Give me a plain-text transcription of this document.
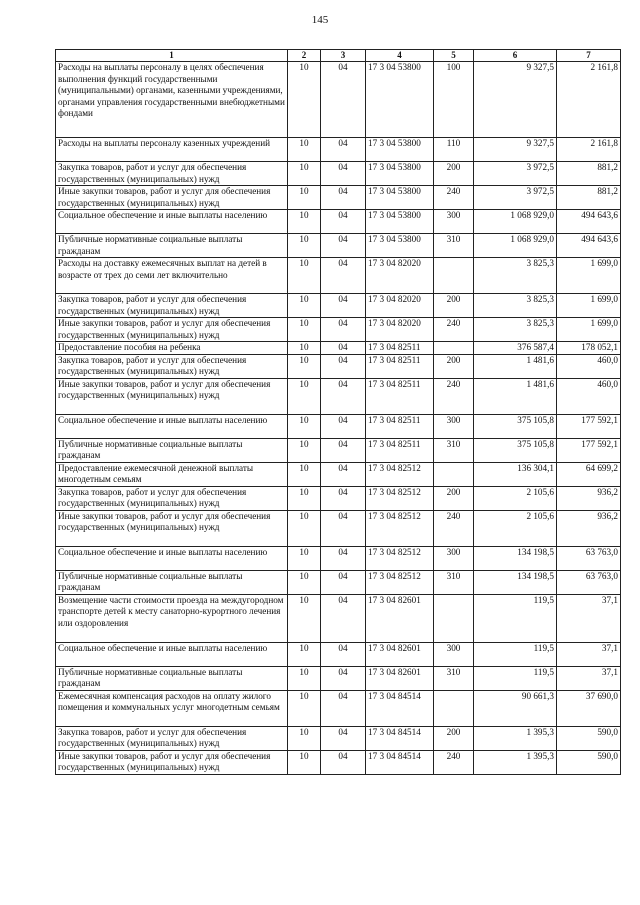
145
1	2	3	4	5	6	7
Расходы на выплаты персоналу в целях обеспечения выполнения функций государственными (муниципальными) органами, казенными учреждениями, органами управления государственными внебюджетными фондами	10	04	17 3 04 53800	100	9 327,5	2 161,8
Расходы на выплаты персоналу казенных учреждений	10	04	17 3 04 53800	110	9 327,5	2 161,8
Закупка товаров, работ и услуг для обеспечения государственных (муниципальных) нужд	10	04	17 3 04 53800	200	3 972,5	881,2
Иные закупки товаров, работ и услуг для обеспечения государственных (муниципальных) нужд	10	04	17 3 04 53800	240	3 972,5	881,2
Социальное обеспечение и иные выплаты населению	10	04	17 3 04 53800	300	1 068 929,0	494 643,6
Публичные нормативные социальные выплаты гражданам	10	04	17 3 04 53800	310	1 068 929,0	494 643,6
Расходы на доставку ежемесячных выплат на детей в возрасте от трех до семи лет включительно	10	04	17 3 04 82020		3 825,3	1 699,0
Закупка товаров, работ и услуг для обеспечения государственных (муниципальных) нужд	10	04	17 3 04 82020	200	3 825,3	1 699,0
Иные закупки товаров, работ и услуг для обеспечения государственных (муниципальных) нужд	10	04	17 3 04 82020	240	3 825,3	1 699,0
Предоставление пособия на ребенка	10	04	17 3 04 82511		376 587,4	178 052,1
Закупка товаров, работ и услуг для обеспечения государственных (муниципальных) нужд	10	04	17 3 04 82511	200	1 481,6	460,0
Иные закупки товаров, работ и услуг для обеспечения государственных (муниципальных) нужд	10	04	17 3 04 82511	240	1 481,6	460,0
Социальное обеспечение и иные выплаты населению	10	04	17 3 04 82511	300	375 105,8	177 592,1
Публичные нормативные социальные выплаты гражданам	10	04	17 3 04 82511	310	375 105,8	177 592,1
Предоставление ежемесячной денежной выплаты многодетным семьям	10	04	17 3 04 82512		136 304,1	64 699,2
Закупка товаров, работ и услуг для обеспечения государственных (муниципальных) нужд	10	04	17 3 04 82512	200	2 105,6	936,2
Иные закупки товаров, работ и услуг для обеспечения государственных (муниципальных) нужд	10	04	17 3 04 82512	240	2 105,6	936,2
Социальное обеспечение и иные выплаты населению	10	04	17 3 04 82512	300	134 198,5	63 763,0
Публичные нормативные социальные выплаты гражданам	10	04	17 3 04 82512	310	134 198,5	63 763,0
Возмещение части стоимости проезда на междугородном транспорте детей к месту санаторно-курортного лечения или оздоровления	10	04	17 3 04 82601		119,5	37,1
Социальное обеспечение и иные выплаты населению	10	04	17 3 04 82601	300	119,5	37,1
Публичные нормативные социальные выплаты гражданам	10	04	17 3 04 82601	310	119,5	37,1
Ежемесячная компенсация расходов на оплату жилого помещения и коммунальных услуг многодетным семьям	10	04	17 3 04 84514		90 661,3	37 690,0
Закупка товаров, работ и услуг для обеспечения государственных (муниципальных) нужд	10	04	17 3 04 84514	200	1 395,3	590,0
Иные закупки товаров, работ и услуг для обеспечения государственных (муниципальных) нужд	10	04	17 3 04 84514	240	1 395,3	590,0
